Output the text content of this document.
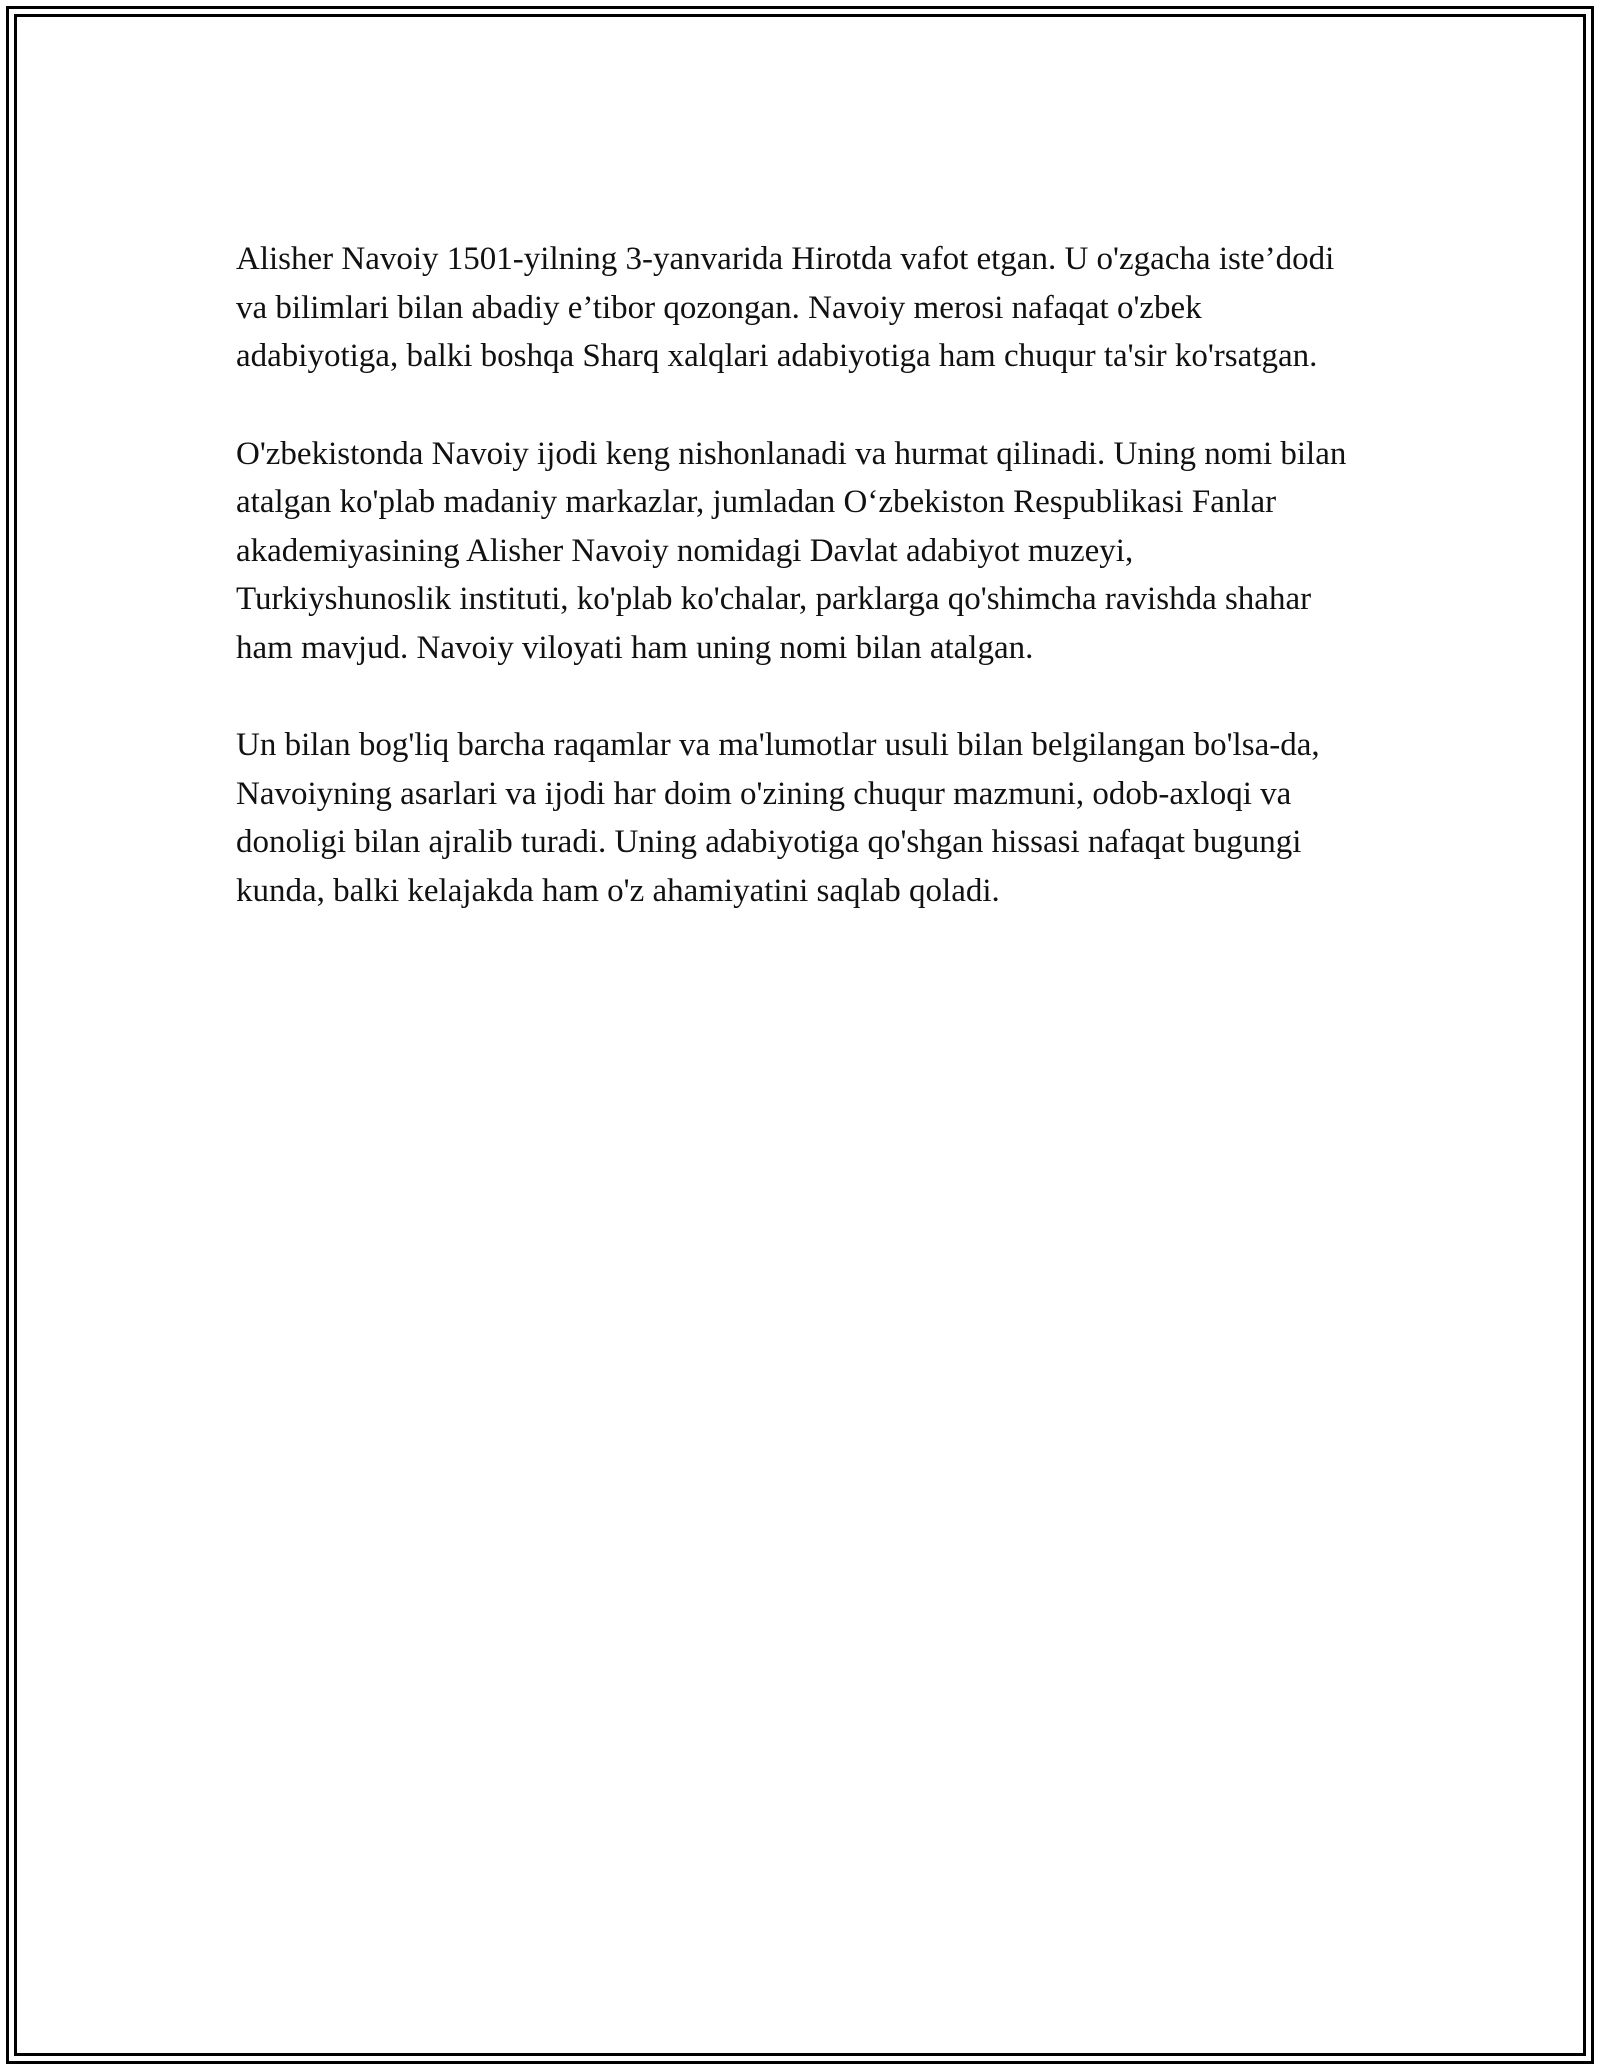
Alisher Navoiy 1501-yilning 3-yanvarida Hirotda vafot etgan. U o'zgacha iste’dodi va bilimlari bilan abadiy e’tibor qozongan. Navoiy merosi nafaqat o'zbek adabiyotiga, balki boshqa Sharq xalqlari adabiyotiga ham chuqur ta'sir ko'rsatgan.

O'zbekistonda Navoiy ijodi keng nishonlanadi va hurmat qilinadi. Uning nomi bilan atalgan ko'plab madaniy markazlar, jumladan O‘zbekiston Respublikasi Fanlar akademiyasining Alisher Navoiy nomidagi Davlat adabiyot muzeyi, Turkiyshunoslik instituti, ko'plab ko'chalar, parklarga qo'shimcha ravishda shahar ham mavjud. Navoiy viloyati ham uning nomi bilan atalgan.

Un bilan bog'liq barcha raqamlar va ma'lumotlar usuli bilan belgilangan bo'lsa-da, Navoiyning asarlari va ijodi har doim o'zining chuqur mazmuni, odob-axloqi va donoligi bilan ajralib turadi. Uning adabiyotiga qo'shgan hissasi nafaqat bugungi kunda, balki kelajakda ham o'z ahamiyatini saqlab qoladi.
